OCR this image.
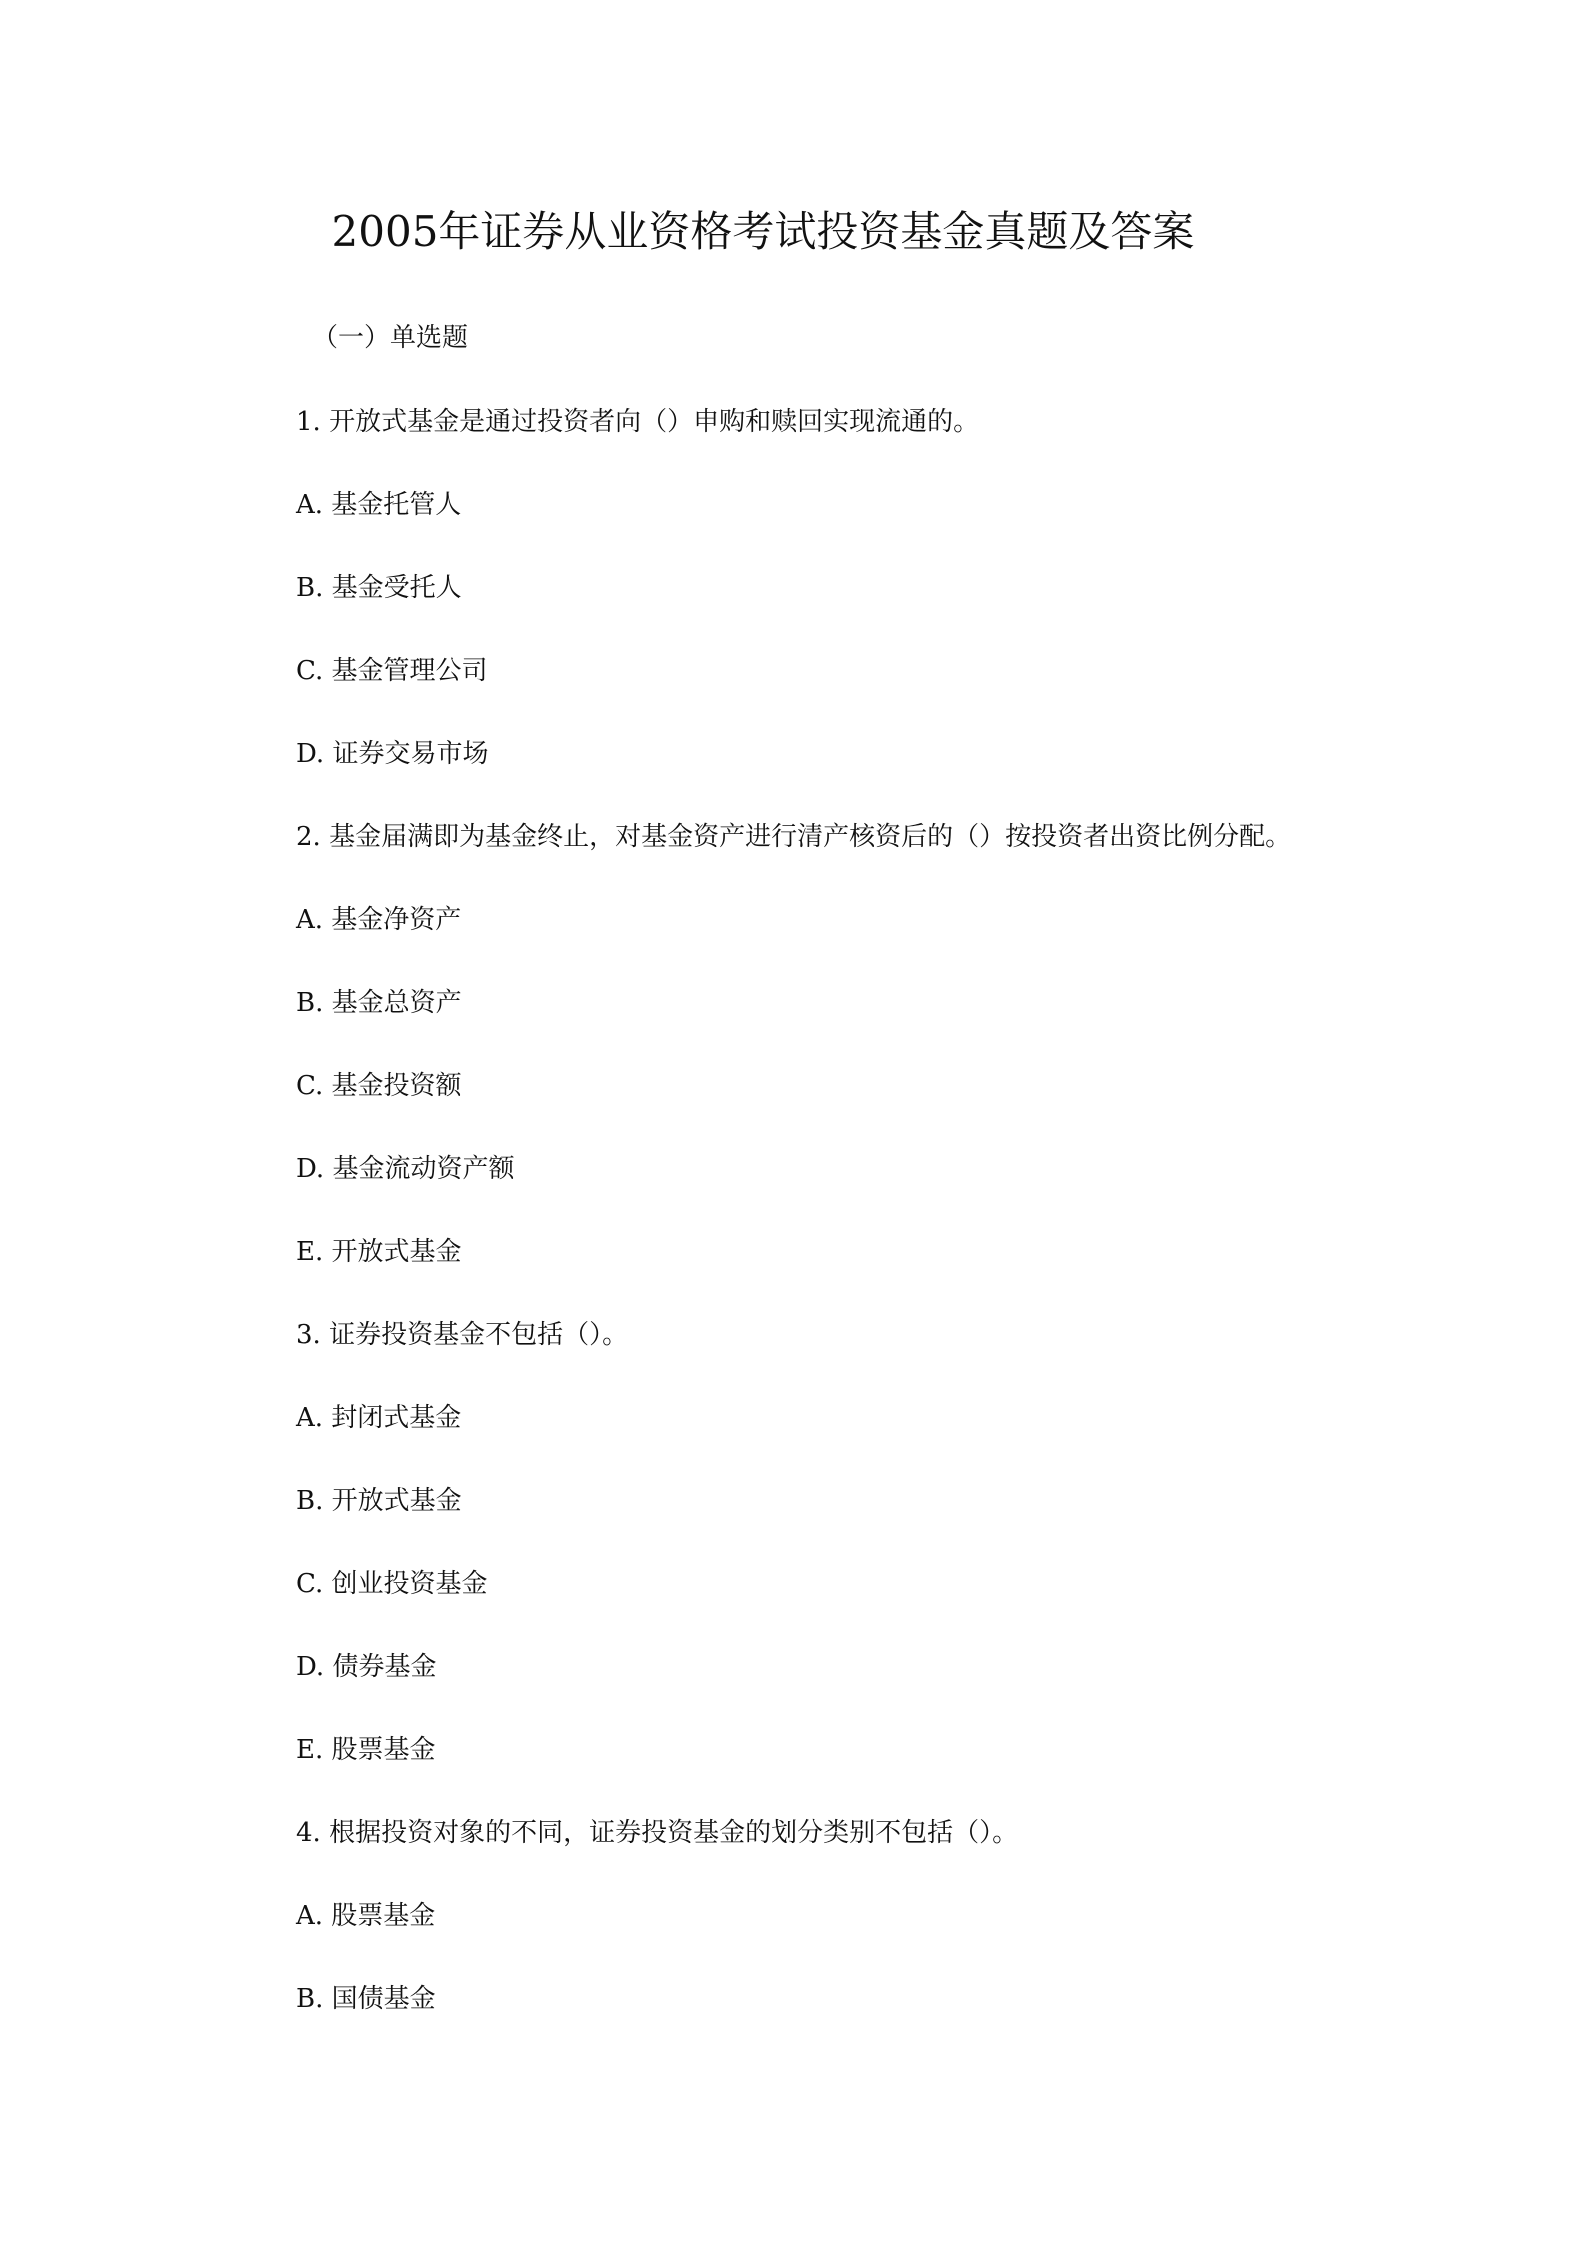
2005年证券从业资格考试投资基金真题及答案

（一）单选题

1. 开放式基金是通过投资者向（）申购和赎回实现流通的。

A. 基金托管人

B. 基金受托人

C. 基金管理公司

D. 证券交易市场

2. 基金届满即为基金终止，对基金资产进行清产核资后的（）按投资者出资比例分配。

A. 基金净资产

B. 基金总资产

C. 基金投资额

D. 基金流动资产额

E. 开放式基金

3. 证券投资基金不包括（）。

A. 封闭式基金

B. 开放式基金

C. 创业投资基金

D. 债券基金

E. 股票基金

4. 根据投资对象的不同，证券投资基金的划分类别不包括（）。

A. 股票基金

B. 国债基金
